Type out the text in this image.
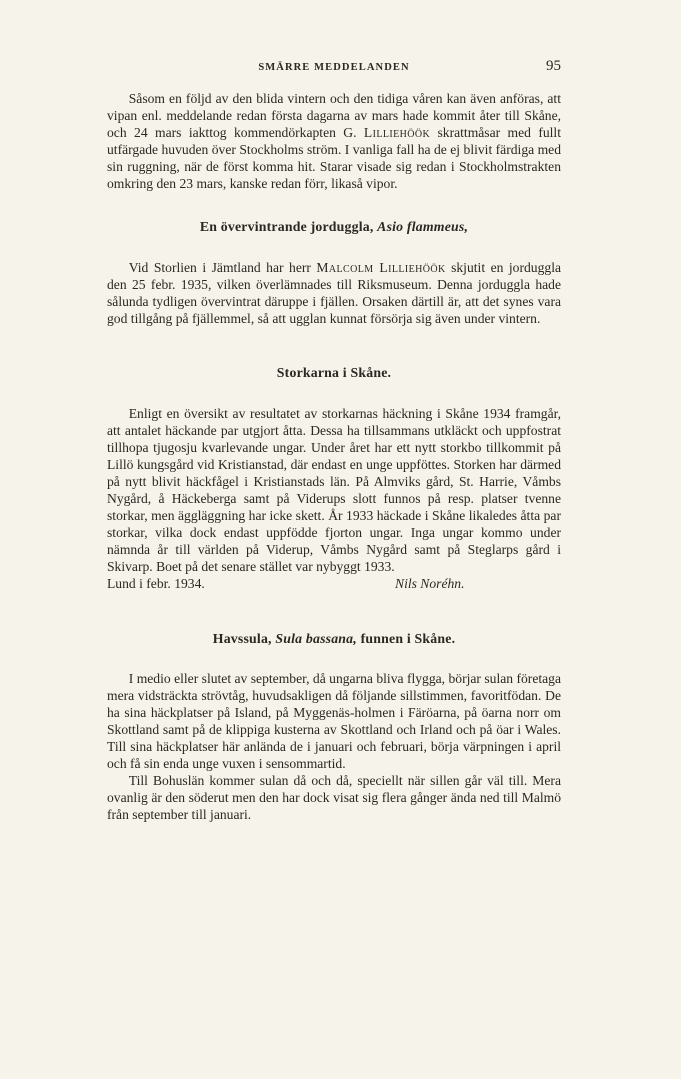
SMÄRRE MEDDELANDEN	95

Såsom en följd av den blida vintern och den tidiga våren kan även anföras, att vipan enl. meddelande redan första dagarna av mars hade kommit åter till Skåne, och 24 mars iakttog kommendörkapten G. Lilliehöök skrattmåsar med fullt utfärgade huvuden över Stockholms ström. I vanliga fall ha de ej blivit färdiga med sin ruggning, när de först komma hit. Starar visade sig redan i Stockholmstrakten omkring den 23 mars, kanske redan förr, likaså vipor.

En övervintrande jorduggla, Asio flammeus,

Vid Storlien i Jämtland har herr Malcolm Lilliehöök skjutit en jorduggla den 25 febr. 1935, vilken överlämnades till Riksmuseum. Denna jorduggla hade sålunda tydligen övervintrat däruppe i fjällen. Orsaken därtill är, att det synes vara god tillgång på fjällemmel, så att ugglan kunnat försörja sig även under vintern.

Storkarna i Skåne.

Enligt en översikt av resultatet av storkarnas häckning i Skåne 1934 framgår, att antalet häckande par utgjort åtta. Dessa ha tillsammans utkläckt och uppfostrat tillhopa tjugosju kvarlevande ungar. Under året har ett nytt storkbo tillkommit på Lillö kungsgård vid Kristianstad, där endast en unge uppföttes. Storken har därmed på nytt blivit häckfågel i Kristianstads län. På Almviks gård, St. Harrie, Våmbs Nygård, å Häckeberga samt på Viderups slott funnos på resp. platser tvenne storkar, men äggläggning har icke skett. År 1933 häckade i Skåne likaledes åtta par storkar, vilka dock endast uppfödde fjorton ungar. Inga ungar kommo under nämnda år till världen på Viderup, Våmbs Nygård samt på Steglarps gård i Skivarp. Boet på det senare stället var nybyggt 1933.

Lund i febr. 1934.	Nils Noréhn.
Havssula, Sula bassana, funnen i Skåne.

I medio eller slutet av september, då ungarna bliva flygga, börjar sulan företaga mera vidsträckta strövtåg, huvudsakligen då följande sillstimmen, favoritfödan. De ha sina häckplatser på Island, på Myggenäs-holmen i Färöarna, på öarna norr om Skottland samt på de klippiga kusterna av Skottland och Irland och på öar i Wales. Till sina häckplatser här anlända de i januari och februari, börja värpningen i april och få sin enda unge vuxen i sensommartid.

Till Bohuslän kommer sulan då och då, speciellt när sillen går väl till. Mera ovanlig är den söderut men den har dock visat sig flera gånger ända ned till Malmö från september till januari.
